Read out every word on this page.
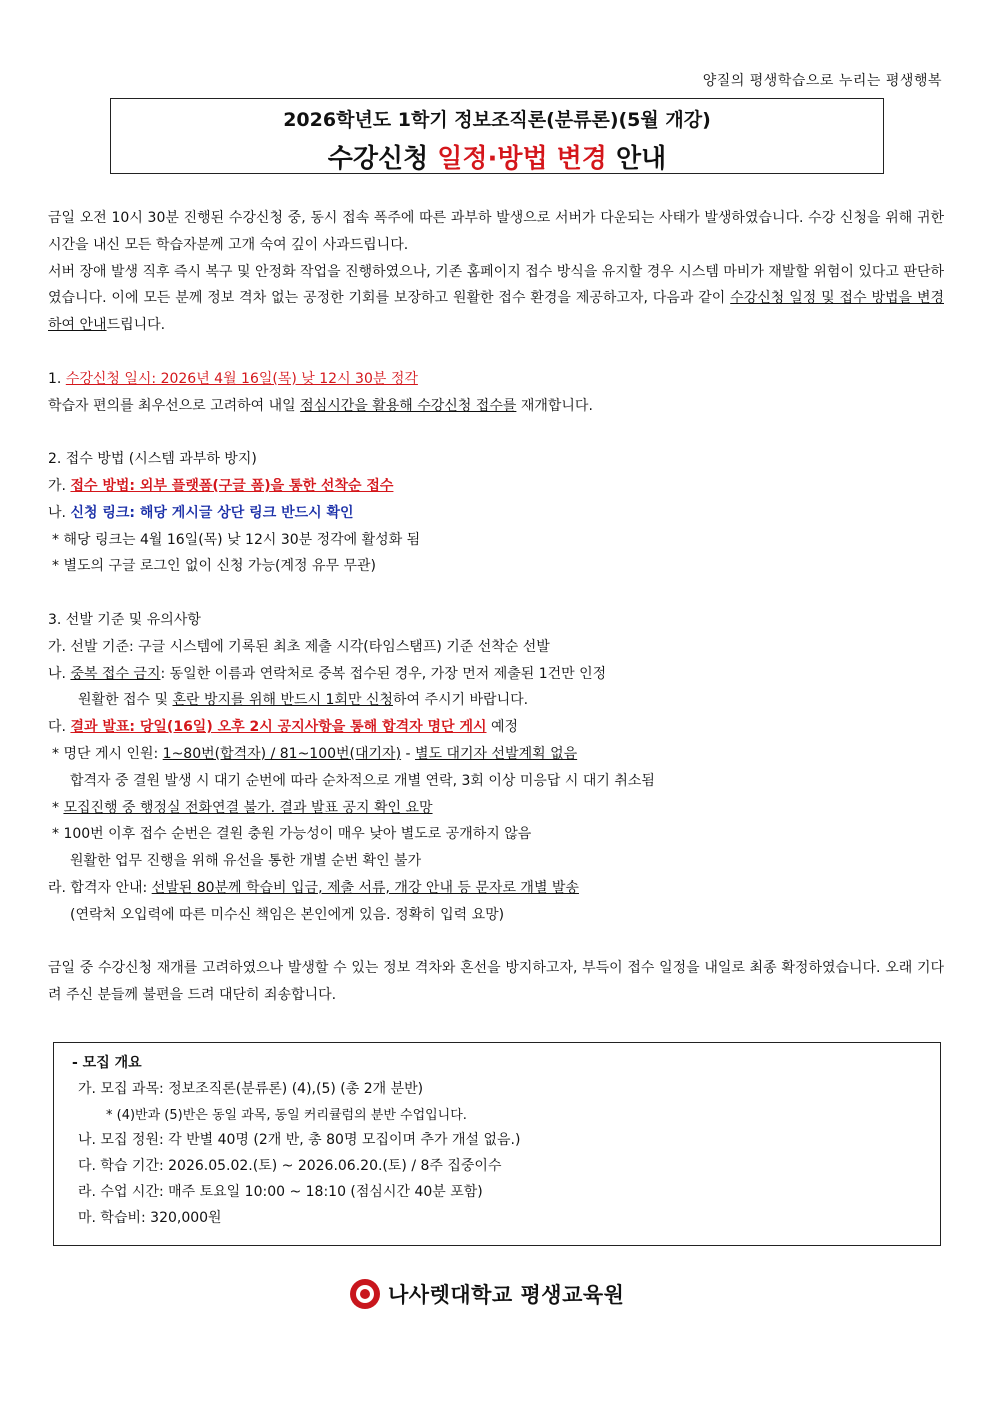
양질의 평생학습으로 누리는 평생행복
2026학년도 1학기 정보조직론(분류론)(5월 개강)
수강신청 일정·방법 변경 안내
금일 오전 10시 30분 진행된 수강신청 중, 동시 접속 폭주에 따른 과부하 발생으로 서버가 다운되는 사태가 발생하였습니다. 수강 신청을 위해 귀한 시간을 내신 모든 학습자분께 고개 숙여 깊이 사과드립니다.
서버 장애 발생 직후 즉시 복구 및 안정화 작업을 진행하였으나, 기존 홈페이지 접수 방식을 유지할 경우 시스템 마비가 재발할 위험이 있다고 판단하였습니다. 이에 모든 분께 정보 격차 없는 공정한 기회를 보장하고 원활한 접수 환경을 제공하고자, 다음과 같이 수강신청 일정 및 접수 방법을 변경하여 안내드립니다.
1. 수강신청 일시: 2026년 4월 16일(목) 낮 12시 30분 정각
학습자 편의를 최우선으로 고려하여 내일 점심시간을 활용해 수강신청 접수를 재개합니다.
2. 접수 방법 (시스템 과부하 방지)
가. 접수 방법: 외부 플랫폼(구글 폼)을 통한 선착순 접수
나. 신청 링크: 해당 게시글 상단 링크 반드시 확인
* 해당 링크는 4월 16일(목) 낮 12시 30분 정각에 활성화 됨
* 별도의 구글 로그인 없이 신청 가능(계정 유무 무관)
3. 선발 기준 및 유의사항
가. 선발 기준: 구글 시스템에 기록된 최초 제출 시각(타임스탬프) 기준 선착순 선발
나. 중복 접수 금지: 동일한 이름과 연락처로 중복 접수된 경우, 가장 먼저 제출된 1건만 인정
원활한 접수 및 혼란 방지를 위해 반드시 1회만 신청하여 주시기 바랍니다.
다. 결과 발표: 당일(16일) 오후 2시 공지사항을 통해 합격자 명단 게시 예정
* 명단 게시 인원: 1~80번(합격자) / 81~100번(대기자) - 별도 대기자 선발계획 없음
합격자 중 결원 발생 시 대기 순번에 따라 순차적으로 개별 연락, 3회 이상 미응답 시 대기 취소됨
* 모집진행 중 행정실 전화연결 불가. 결과 발표 공지 확인 요망
* 100번 이후 접수 순번은 결원 충원 가능성이 매우 낮아 별도로 공개하지 않음
원활한 업무 진행을 위해 유선을 통한 개별 순번 확인 불가
라. 합격자 안내: 선발된 80분께 학습비 입금, 제출 서류, 개강 안내 등 문자로 개별 발송
(연락처 오입력에 따른 미수신 책임은 본인에게 있음. 정확히 입력 요망)
금일 중 수강신청 재개를 고려하였으나 발생할 수 있는 정보 격차와 혼선을 방지하고자, 부득이 접수 일정을 내일로 최종 확정하였습니다. 오래 기다려 주신 분들께 불편을 드려 대단히 죄송합니다.
- 모집 개요
가. 모집 과목: 정보조직론(분류론) (4),(5) (총 2개 분반)
* (4)반과 (5)반은 동일 과목, 동일 커리큘럼의 분반 수업입니다.
나. 모집 정원: 각 반별 40명 (2개 반, 총 80명 모집이며 추가 개설 없음.)
다. 학습 기간: 2026.05.02.(토) ~ 2026.06.20.(토) / 8주 집중이수
라. 수업 시간: 매주 토요일 10:00 ~ 18:10 (점심시간 40분 포함)
마. 학습비: 320,000원
나사렛대학교 평생교육원
